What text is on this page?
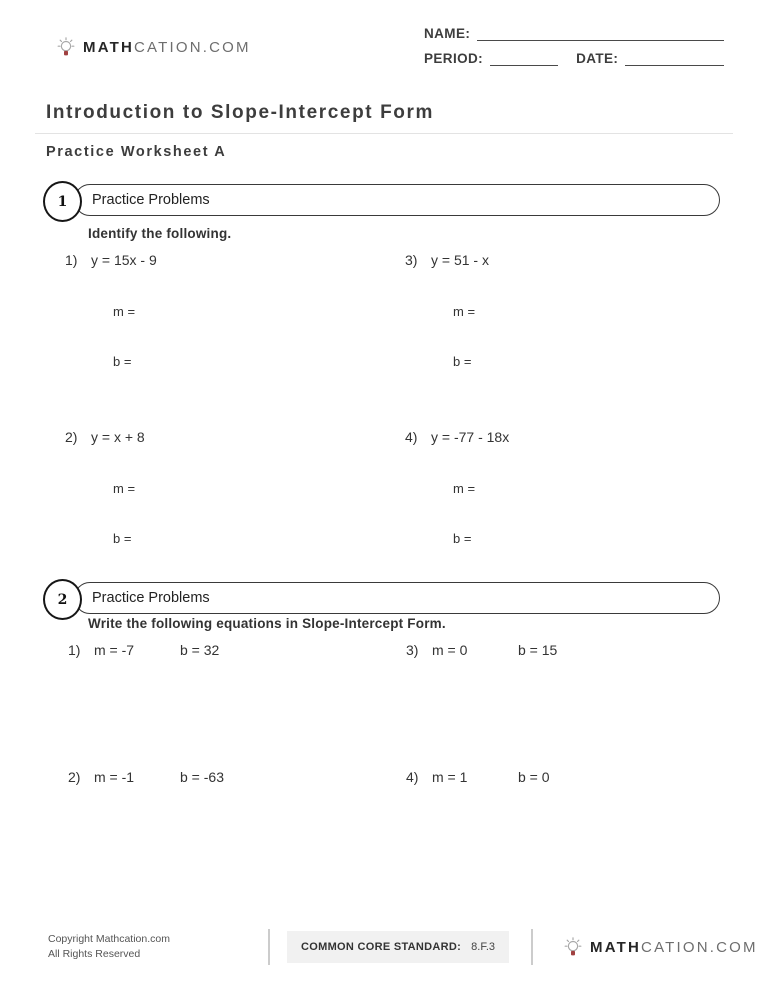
MATHCATION.COM
NAME:
PERIOD:	DATE:
Introduction to Slope-Intercept Form
Practice Worksheet A
Practice Problems
1
Identify the following.
1) y = 15x - 9
m =
b =
2) y = x + 8
m =
b =
3) y = 51 - x
m =
b =
4) y = -77 - 18x
m =
b =
Practice Problems
2
Write the following equations in Slope-Intercept Form.
1) m = -7	b = 32	3) m = 0	b = 15
2) m = -1	b = -63	4) m = 1	b = 0
Copyright Mathcation.com
All Rights Reserved
COMMON CORE STANDARD: 8.F.3	MATHCATION.COM
